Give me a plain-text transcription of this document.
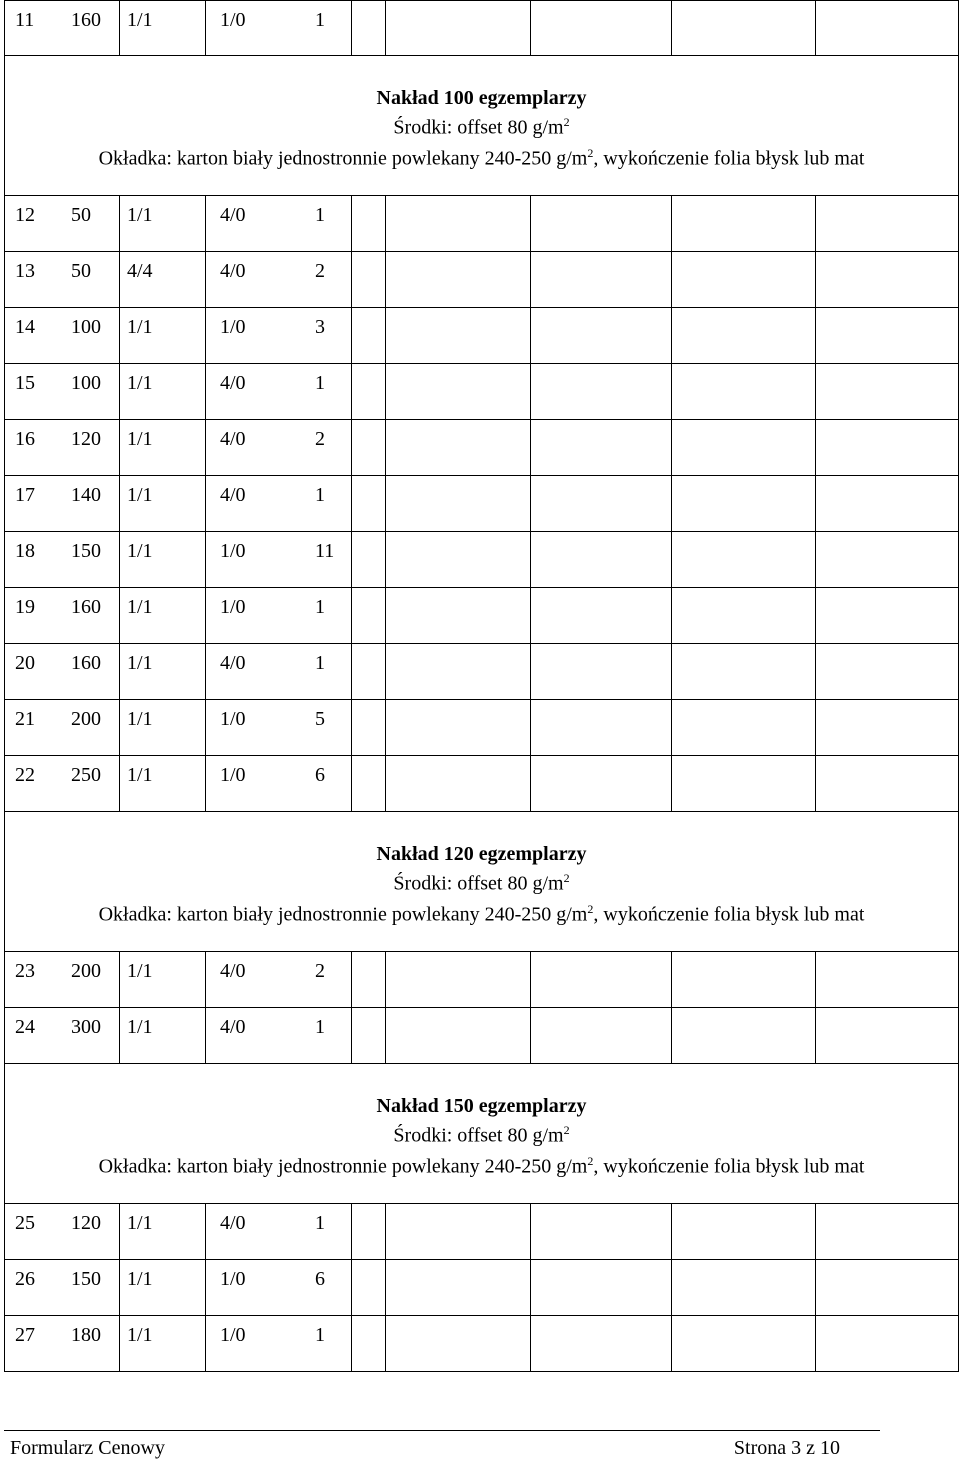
11 160 1/1	1/0	1
Nakład 100 egzemplarzy
Środki: offset 80 $g/m^2$
Okładka: karton biały jednostronnie powlekany 240-250 $g/m^2$, wykończenie folia błysk lub mat
12 50 1/1	4/0	1
13 50 4/4	4/0	2
14 100 1/1	1/0	3
15 100 1/1	4/0	1
16 120 1/1	4/0	2
17 140 1/1	4/0	1
18 150 1/1	1/0	11
19 160 1/1	1/0	1
20 160 1/1	4/0	1
21 200 1/1	1/0	5
22 250 1/1	1/0	6
Nakład 120 egzemplarzy
Środki: offset 80 $g/m^2$
Okładka: karton biały jednostronnie powlekany 240-250 $g/m^2$, wykończenie folia błysk lub mat
23 200 1/1	4/0	2
24 300 1/1	4/0	1
Nakład 150 egzemplarzy
Środki: offset 80 $g/m^2$
Okładka: karton biały jednostronnie powlekany 240-250 $g/m^2$, wykończenie folia błysk lub mat
25 120 1/1	4/0	1
26 150 1/1	1/0	6
27 180 1/1	1/0	1
Formularz Cenowy	Strona 3 z 10
